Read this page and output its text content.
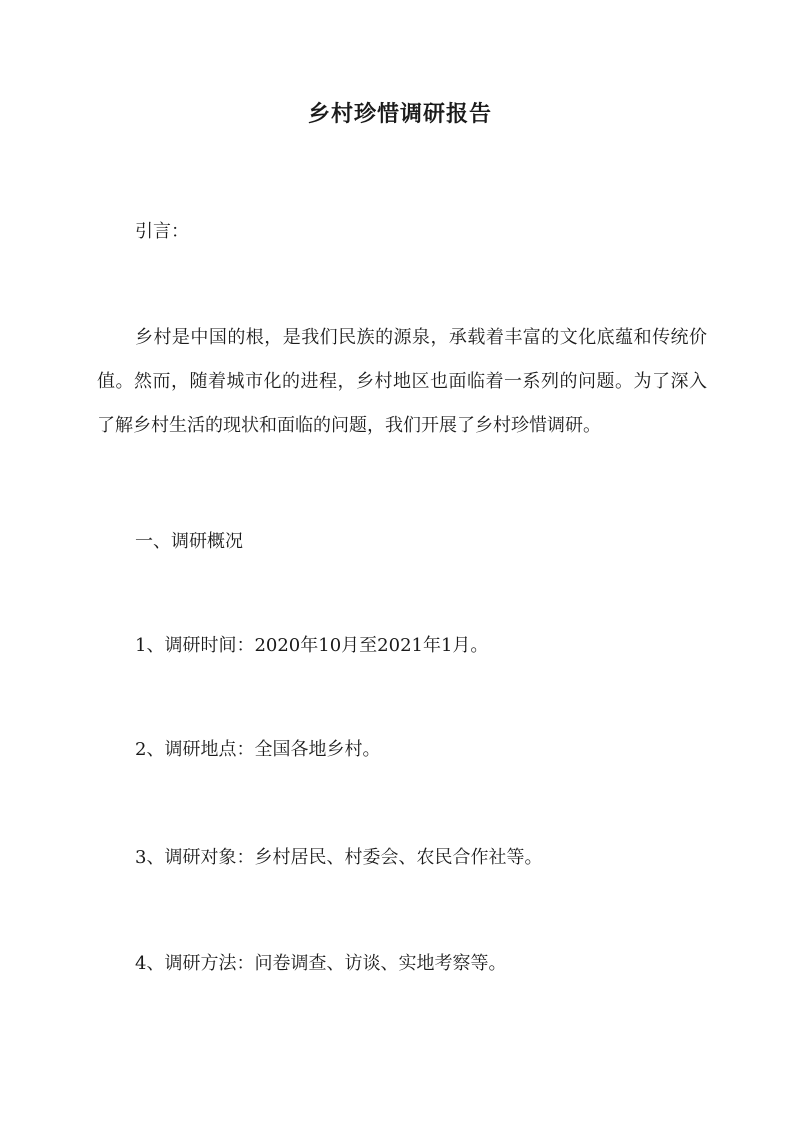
乡村珍惜调研报告

引言：

乡村是中国的根，是我们民族的源泉，承载着丰富的文化底蕴和传统价值。然而，随着城市化的进程，乡村地区也面临着一系列的问题。为了深入了解乡村生活的现状和面临的问题，我们开展了乡村珍惜调研。

一、调研概况

1、调研时间：2020年10月至2021年1月。

2、调研地点：全国各地乡村。

3、调研对象：乡村居民、村委会、农民合作社等。

4、调研方法：问卷调查、访谈、实地考察等。
